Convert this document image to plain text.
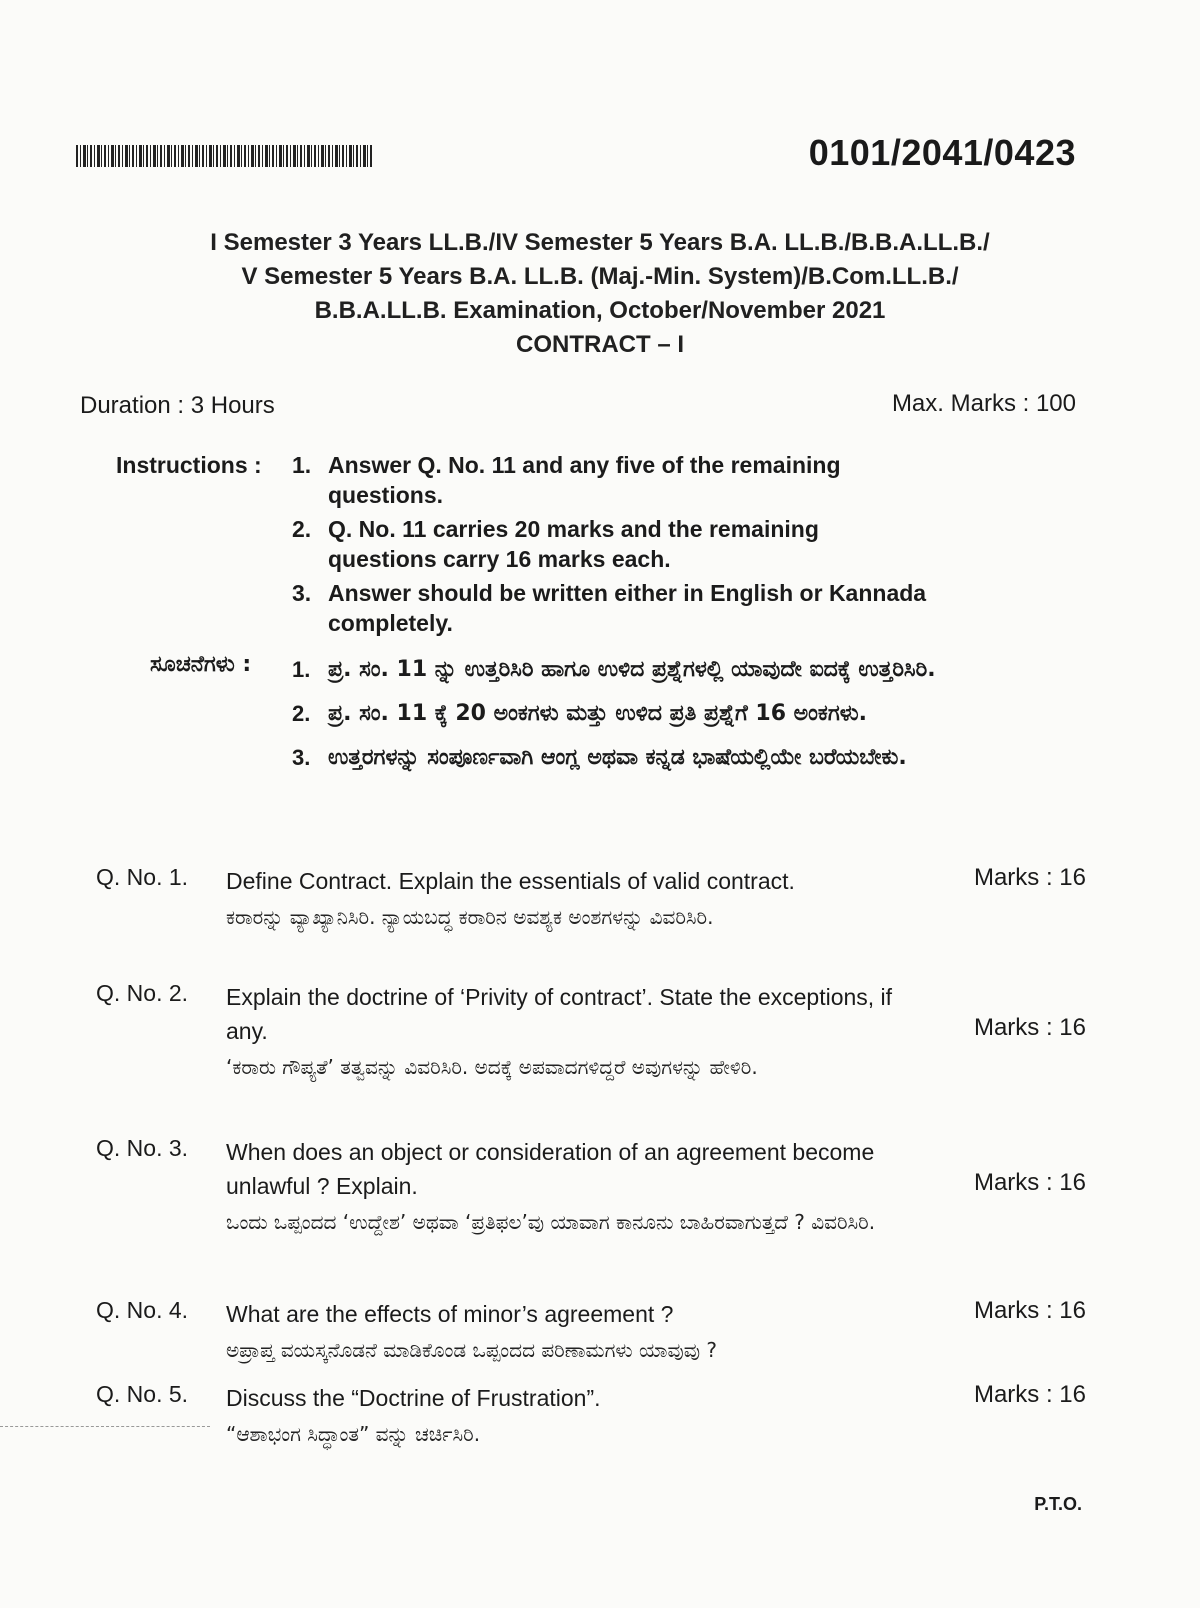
0101/2041/0423
I Semester 3 Years LL.B./IV Semester 5 Years B.A. LL.B./B.B.A.LL.B./
V Semester 5 Years B.A. LL.B. (Maj.-Min. System)/B.Com.LL.B./
B.B.A.LL.B. Examination, October/November 2021
CONTRACT – I
Duration : 3 Hours	Max. Marks : 100
Instructions : 1. Answer Q. No. 11 and any five of the remaining questions.
2. Q. No. 11 carries 20 marks and the remaining questions carry 16 marks each.
3. Answer should be written either in English or Kannada completely.
ಸೂಚನೆಗಳು : 1. ಪ್ರ. ಸಂ. 11 ನ್ನು ಉತ್ತರಿಸಿರಿ ಹಾಗೂ ಉಳಿದ ಪ್ರಶ್ನೆಗಳಲ್ಲಿ ಯಾವುದೇ ಐದಕ್ಕೆ ಉತ್ತರಿಸಿರಿ.
2. ಪ್ರ. ಸಂ. 11 ಕ್ಕೆ 20 ಅಂಕಗಳು ಮತ್ತು ಉಳಿದ ಪ್ರತಿ ಪ್ರಶ್ನೆಗೆ 16 ಅಂಕಗಳು.
3. ಉತ್ತರಗಳನ್ನು ಸಂಪೂರ್ಣವಾಗಿ ಆಂಗ್ಲ ಅಥವಾ ಕನ್ನಡ ಭಾಷೆಯಲ್ಲಿಯೇ ಬರೆಯಬೇಕು.
Q. No. 1. Define Contract. Explain the essentials of valid contract.
ಕರಾರನ್ನು ವ್ಯಾಖ್ಯಾನಿಸಿರಿ. ನ್ಯಾಯಬದ್ಧ ಕರಾರಿನ ಅವಶ್ಯಕ ಅಂಶಗಳನ್ನು ವಿವರಿಸಿರಿ.
Marks : 16
Q. No. 2. Explain the doctrine of ‘Privity of contract’. State the exceptions, if any.
‘ಕರಾರು ಗೌಪ್ಯತೆ’ ತತ್ವವನ್ನು ವಿವರಿಸಿರಿ. ಅದಕ್ಕೆ ಅಪವಾದಗಳಿದ್ದರೆ ಅವುಗಳನ್ನು ಹೇಳಿರಿ.
Marks : 16
Q. No. 3. When does an object or consideration of an agreement become unlawful ? Explain.
ಒಂದು ಒಪ್ಪಂದದ ‘ಉದ್ದೇಶ’ ಅಥವಾ ‘ಪ್ರತಿಫಲ’ವು ಯಾವಾಗ ಕಾನೂನು ಬಾಹಿರವಾಗುತ್ತದೆ ? ವಿವರಿಸಿರಿ.
Marks : 16
Q. No. 4. What are the effects of minor’s agreement ?
ಅಪ್ರಾಪ್ತ ವಯಸ್ಕನೊಡನೆ ಮಾಡಿಕೊಂಡ ಒಪ್ಪಂದದ ಪರಿಣಾಮಗಳು ಯಾವುವು ?
Marks : 16
Q. No. 5. Discuss the “Doctrine of Frustration”.
“ಆಶಾಭಂಗ ಸಿದ್ಧಾಂತ” ವನ್ನು ಚರ್ಚಿಸಿರಿ.
Marks : 16
P.T.O.
